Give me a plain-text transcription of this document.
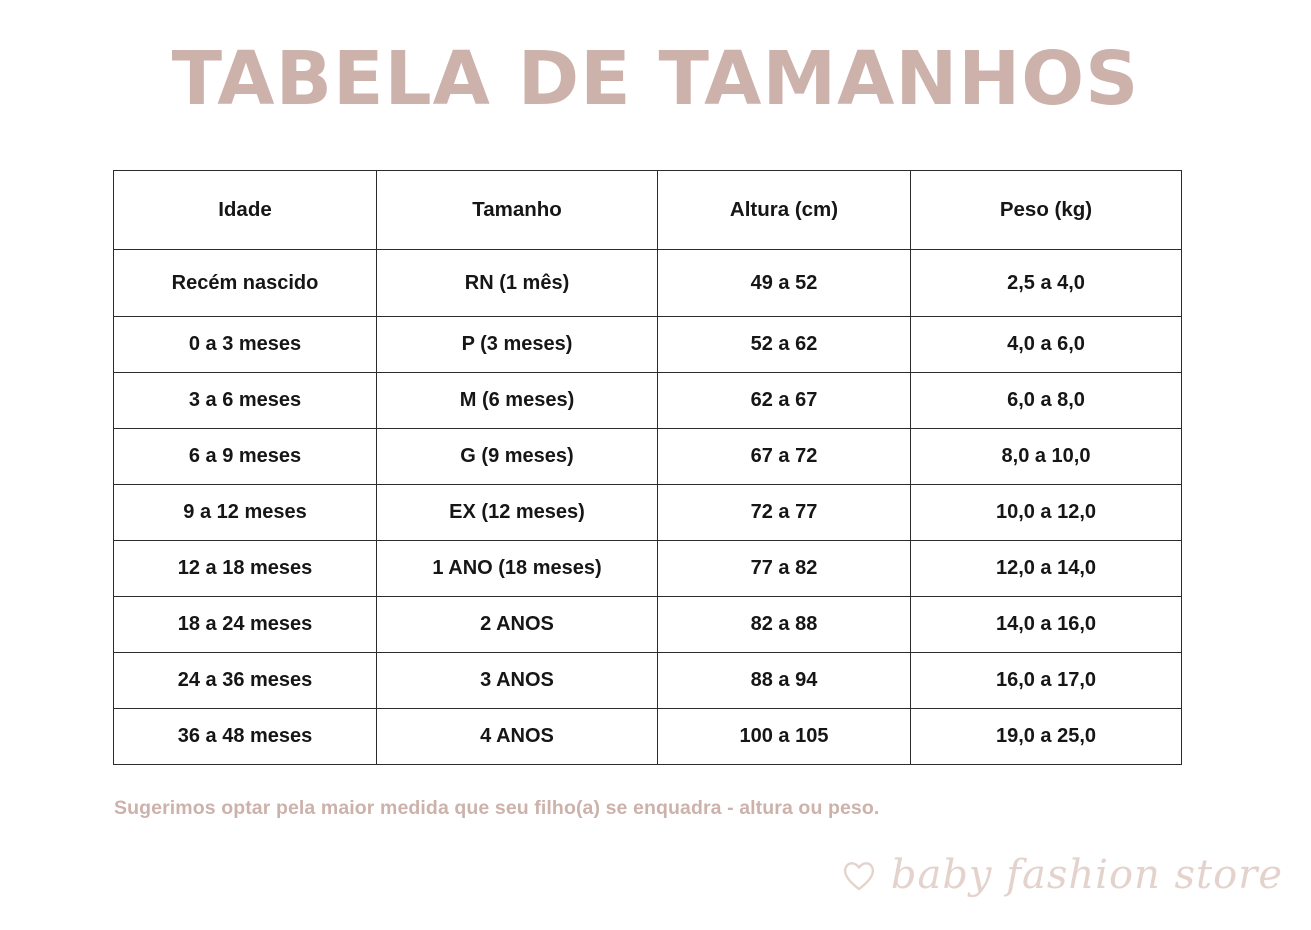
TABELA DE TAMANHOS
Idade	Tamanho	Altura (cm)	Peso (kg)
Recém nascido	RN (1 mês)	49 a 52	2,5 a 4,0
0 a 3 meses	P (3 meses)	52 a 62	4,0 a 6,0
3 a 6 meses	M (6 meses)	62 a 67	6,0 a 8,0
6 a 9 meses	G (9 meses)	67 a 72	8,0 a 10,0
9 a 12 meses	EX (12 meses)	72 a 77	10,0 a 12,0
12 a 18 meses	1 ANO (18 meses)	77 a 82	12,0 a 14,0
18 a 24 meses	2 ANOS	82 a 88	14,0 a 16,0
24 a 36 meses	3 ANOS	88 a 94	16,0 a 17,0
36 a 48 meses	4 ANOS	100 a 105	19,0 a 25,0
Sugerimos optar pela maior medida que seu filho(a) se enquadra - altura ou peso.
baby fashion store
